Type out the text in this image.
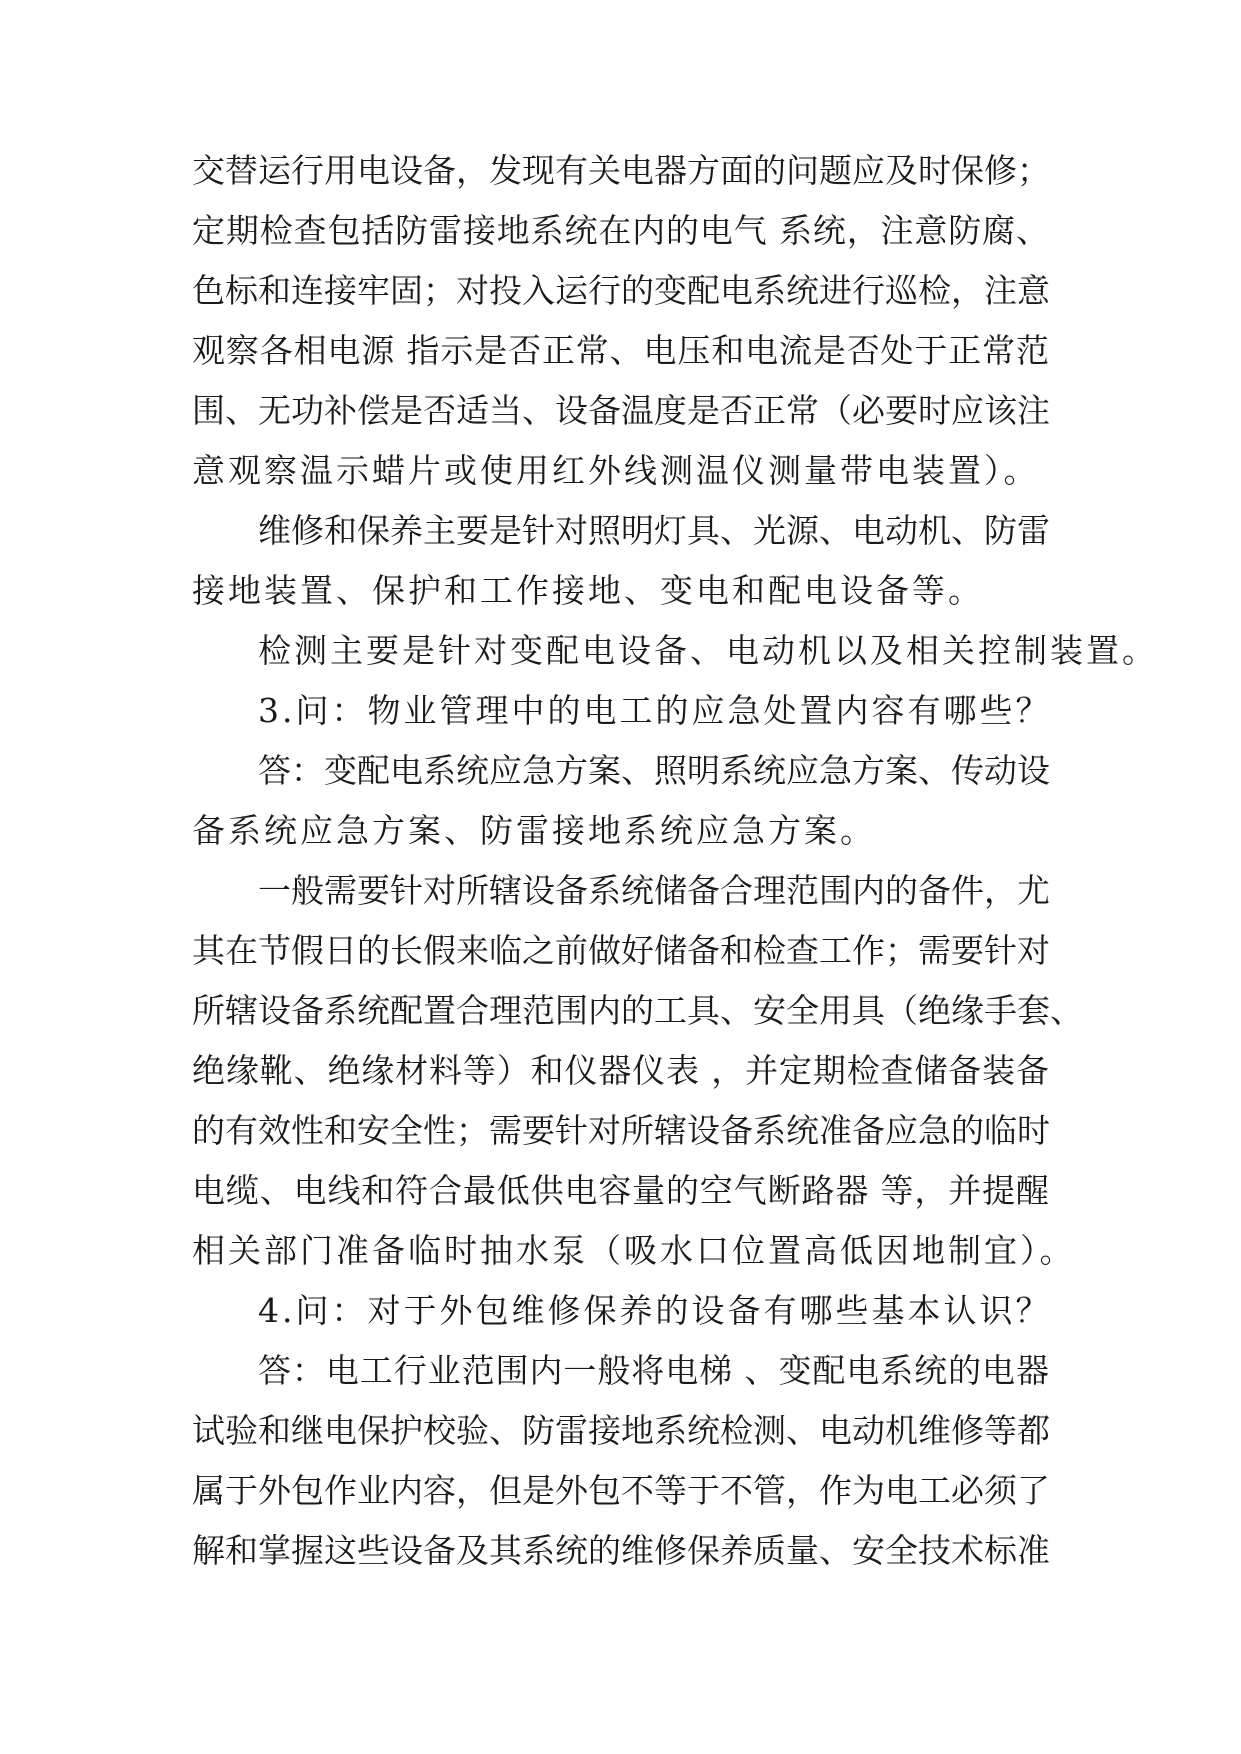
交替运行用电设备，发现有关电器方面的问题应及时保修；
定期检查包括防雷接地系统在内的电气 系统，注意防腐、
色标和连接牢固；对投入运行的变配电系统进行巡检，注意
观察各相电源 指示是否正常、电压和电流是否处于正常范
围、无功补偿是否适当、设备温度是否正常（必要时应该注
意观察温示蜡片或使用红外线测温仪测量带电装置）。
维修和保养主要是针对照明灯具、光源、电动机、防雷
接地装置、保护和工作接地、变电和配电设备等。
检测主要是针对变配电设备、电动机以及相关控制装置。
3.问：物业管理中的电工的应急处置内容有哪些？
答：变配电系统应急方案、照明系统应急方案、传动设
备系统应急方案、防雷接地系统应急方案。
一般需要针对所辖设备系统储备合理范围内的备件，尤
其在节假日的长假来临之前做好储备和检查工作；需要针对
所辖设备系统配置合理范围内的工具、安全用具（绝缘手套、
绝缘靴、绝缘材料等）和仪器仪表 ，并定期检查储备装备
的有效性和安全性；需要针对所辖设备系统准备应急的临时
电缆、电线和符合最低供电容量的空气断路器 等，并提醒
相关部门准备临时抽水泵（吸水口位置高低因地制宜）。
4.问：对于外包维修保养的设备有哪些基本认识？
答：电工行业范围内一般将电梯 、变配电系统的电器
试验和继电保护校验、防雷接地系统检测、电动机维修等都
属于外包作业内容，但是外包不等于不管，作为电工必须了
解和掌握这些设备及其系统的维修保养质量、安全技术标准
